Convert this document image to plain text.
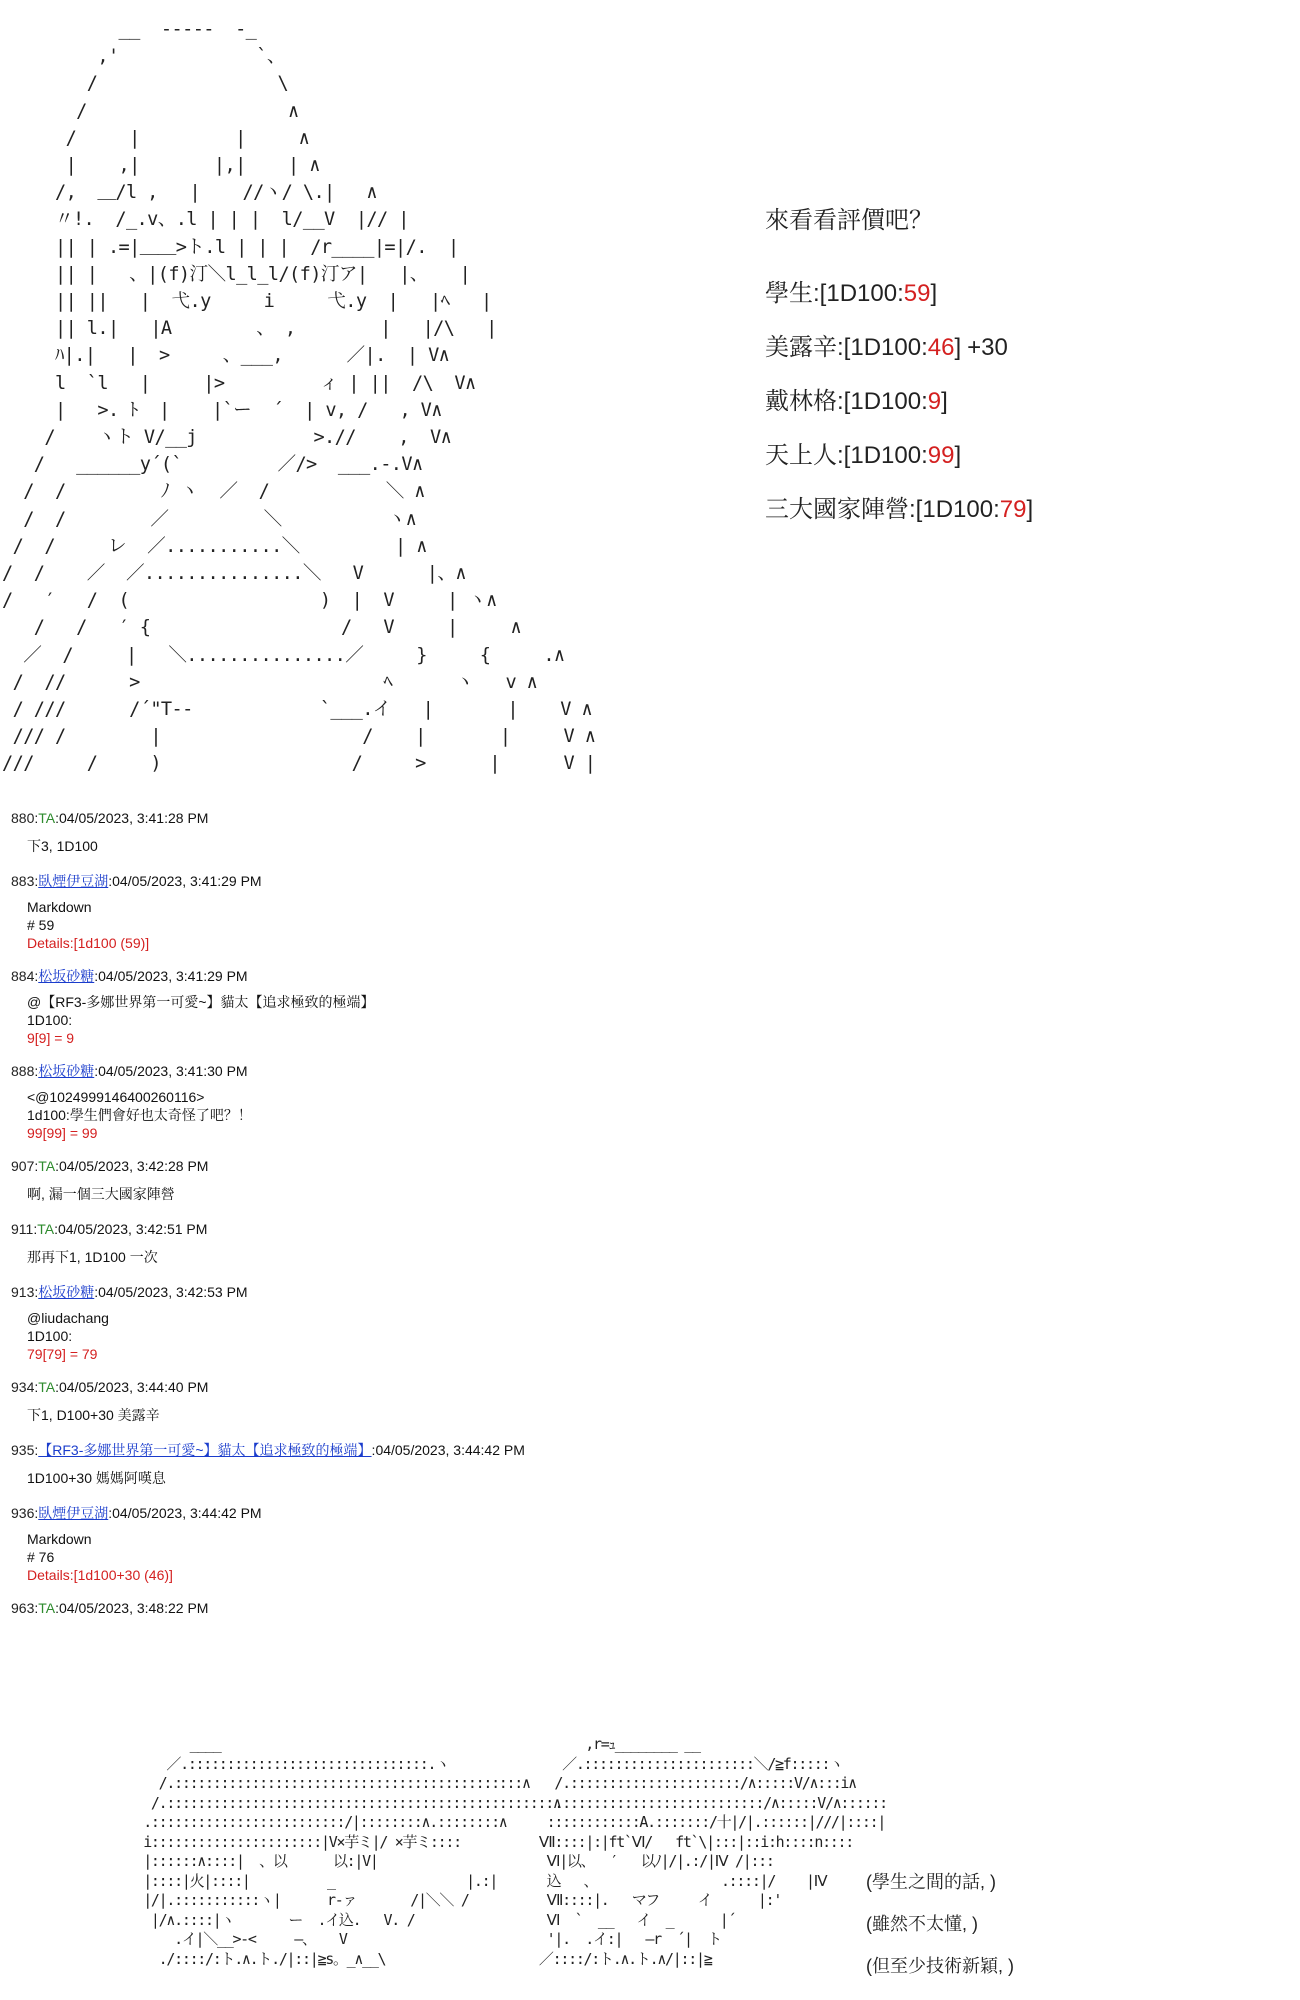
__  -----  -_
,'             `、
/                 \
/                   ∧
/     |         |     ∧
|    ,|       |,|    | ∧
/,  ＿/l ,   |    //ヽ/ \.|   ∧
〃!.  /_.v、.l | | |  l/__V  |// |
|| | .=|＿＿>ト.l | | |  /r____|=|/.  |
|| |   、|(f)汀＼l_l_l/(f)汀ア|   |、   |
|| ||   |  弋.y     i     弋.y  |   |ﾍ   |
|| l.|   |A        、 ,        |   |/\   |
ﾊ|.|   |  >     、___,      ／|.  | V∧
l  `l   |     |>         ィ | ||  /\  V∧
|   >. ﾄ  |    |`ー  ´  | v, /   , V∧
/    ヽト V/__j           >.//    ,  V∧
/   ______y´(`         ／/>  ___.-.V∧
/  /         ﾉ ヽ  ／  /           ＼ ∧
/  /        ／         ＼          ヽ∧
/  /     レ  ／...........＼         | ∧
/  /    ／  ／...............＼   V      |、∧
/   ′   /  (                  )  |  V     | ヽ∧
/   /   ′ {                  /   V     |     ∧
／  /     |   ＼...............／     }     {     .∧
/  //      >                       ﾍ      ヽ   v ∧
/ ///      /´"T--            `___.イ   |       |    V ∧
/// /        |                   /    |       |     V ∧
///     /     )                  /     >      |      V |
來看看評價吧？
學生:[1D100:59]
美露辛:[1D100:46] +30
戴林格:[1D100:9]
天上人:[1D100:99]
三大國家陣營:[1D100:79]
880:TA:04/05/2023, 3:41:28 PM
下3, 1D100
883:臥煙伊豆湖:04/05/2023, 3:41:29 PM
Markdown
# 59
Details:[1d100 (59)]
884:松坂砂糖:04/05/2023, 3:41:29 PM
@【RF3-多娜世界第一可愛~】貓太【追求極致的極端】
1D100:
9[9] = 9
888:松坂砂糖:04/05/2023, 3:41:30 PM
<@1024999146400260116>
1d100:學生們會好也太奇怪了吧？！
99[99] = 99
907:TA:04/05/2023, 3:42:28 PM
啊, 漏一個三大國家陣營
911:TA:04/05/2023, 3:42:51 PM
那再下1, 1D100 一次
913:松坂砂糖:04/05/2023, 3:42:53 PM
@liudachang
1D100:
79[79] = 79
934:TA:04/05/2023, 3:44:40 PM
下1, D100+30 美露辛
935:【RF3-多娜世界第一可愛~】貓太【追求極致的極端】:04/05/2023, 3:44:42 PM
1D100+30 媽媽阿嘆息
936:臥煙伊豆湖:04/05/2023, 3:44:42 PM
Markdown
# 76
Details:[1d100+30 (46)]
963:TA:04/05/2023, 3:48:22 PM
____
／.:::::::::::::::::::::::::::::::.ヽ
/.:::::::::::::::::::::::::::::::::::::::::::::∧
/.::::::::::::::::::::::::::::::::::::::::::::::::::∧
.:::::::::::::::::::::::::/|::::::::∧.::::::::∧
i::::::::::::::::::::::|V×芋ミ|/ ×芋ミ::::
|::::::∧::::|  、以      以:|V|
|::::|火|::::|          _                 |.:|
|/|.:::::::::::ヽ|      r-ァ       /|＼＼ /
|/∧.::::|ヽ       ー  .イ込.   V. /
.イ|＼__>-<     ―、   V
./::::/:ト.∧.ト./|::|≧s。_∧__\
,r=ｭ________ __
／.::::::::::::::::::::::＼/≧f:::::ヽ
/.::::::::::::::::::::::/∧:::::V/∧:::i∧
.::::::::::::::::::::::::::/∧:::::V/∧::::::
::::::::::::A.:::::::/十|/|.::::::|///|::::|
Ⅶ::::|:|ft`Ⅵ/   ft`\|:::|::i:h::::n::::
Ⅵ|以、  ′   以ﾉ|/|.:/|Ⅳ /|:::
込   、                .::::|/    |Ⅳ
Ⅶ::::|.   マフ     イ      |:'
Ⅵ  `  __   イ  _      |´
'|.  .イ:|   ―r  ´|  ト
／::::/:ト.∧.ト.∧/|::|≧
(學生之間的話, )
(雖然不太懂, )
(但至少技術新穎, )
